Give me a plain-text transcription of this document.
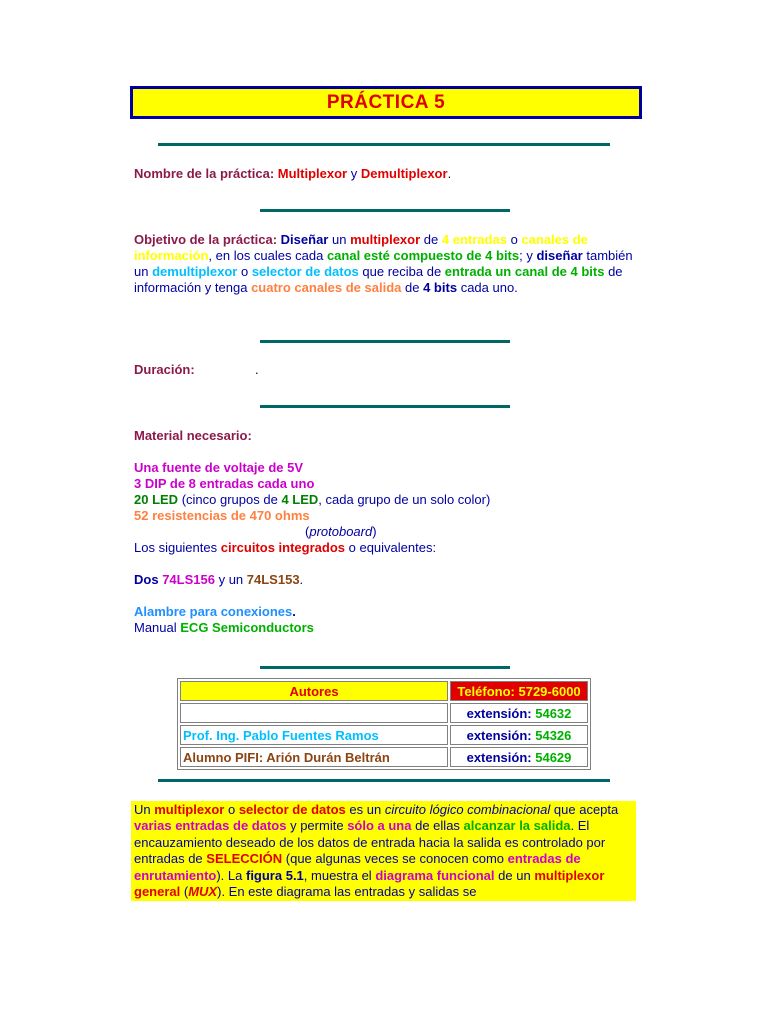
PRÁCTICA 5
Nombre de la práctica: Multiplexor y Demultiplexor.
Objetivo de la práctica: Diseñar un multiplexor de 4 entradas o canales de información, en los cuales cada canal esté compuesto de 4 bits; y diseñar también un demultiplexor o selector de datos que reciba de entrada un canal de 4 bits de información y tenga cuatro canales de salida de 4 bits cada uno.
Duración:	.
Material necesario:
Una fuente de voltaje de 5V
3 DIP de 8 entradas cada uno
20 LED (cinco grupos de 4 LED, cada grupo de un solo color)
52 resistencias de 470 ohms
(protoboard)
Los siguientes circuitos integrados o equivalentes:
Dos 74LS156 y un 74LS153.
Alambre para conexiones.
Manual ECG Semiconductors
Autores	Teléfono: 5729-6000
	extensión: 54632
Prof. Ing. Pablo Fuentes Ramos	extensión: 54326
Alumno PIFI: Arión Durán Beltrán	extensión: 54629
Un multiplexor o selector de datos es un circuito lógico combinacional que acepta varias entradas de datos y permite sólo a una de ellas alcanzar la salida. El encauzamiento deseado de los datos de entrada hacia la salida es controlado por entradas de SELECCIÓN (que algunas veces se conocen como entradas de enrutamiento). La figura 5.1, muestra el diagrama funcional de un multiplexor general (MUX). En este diagrama las entradas y salidas se
